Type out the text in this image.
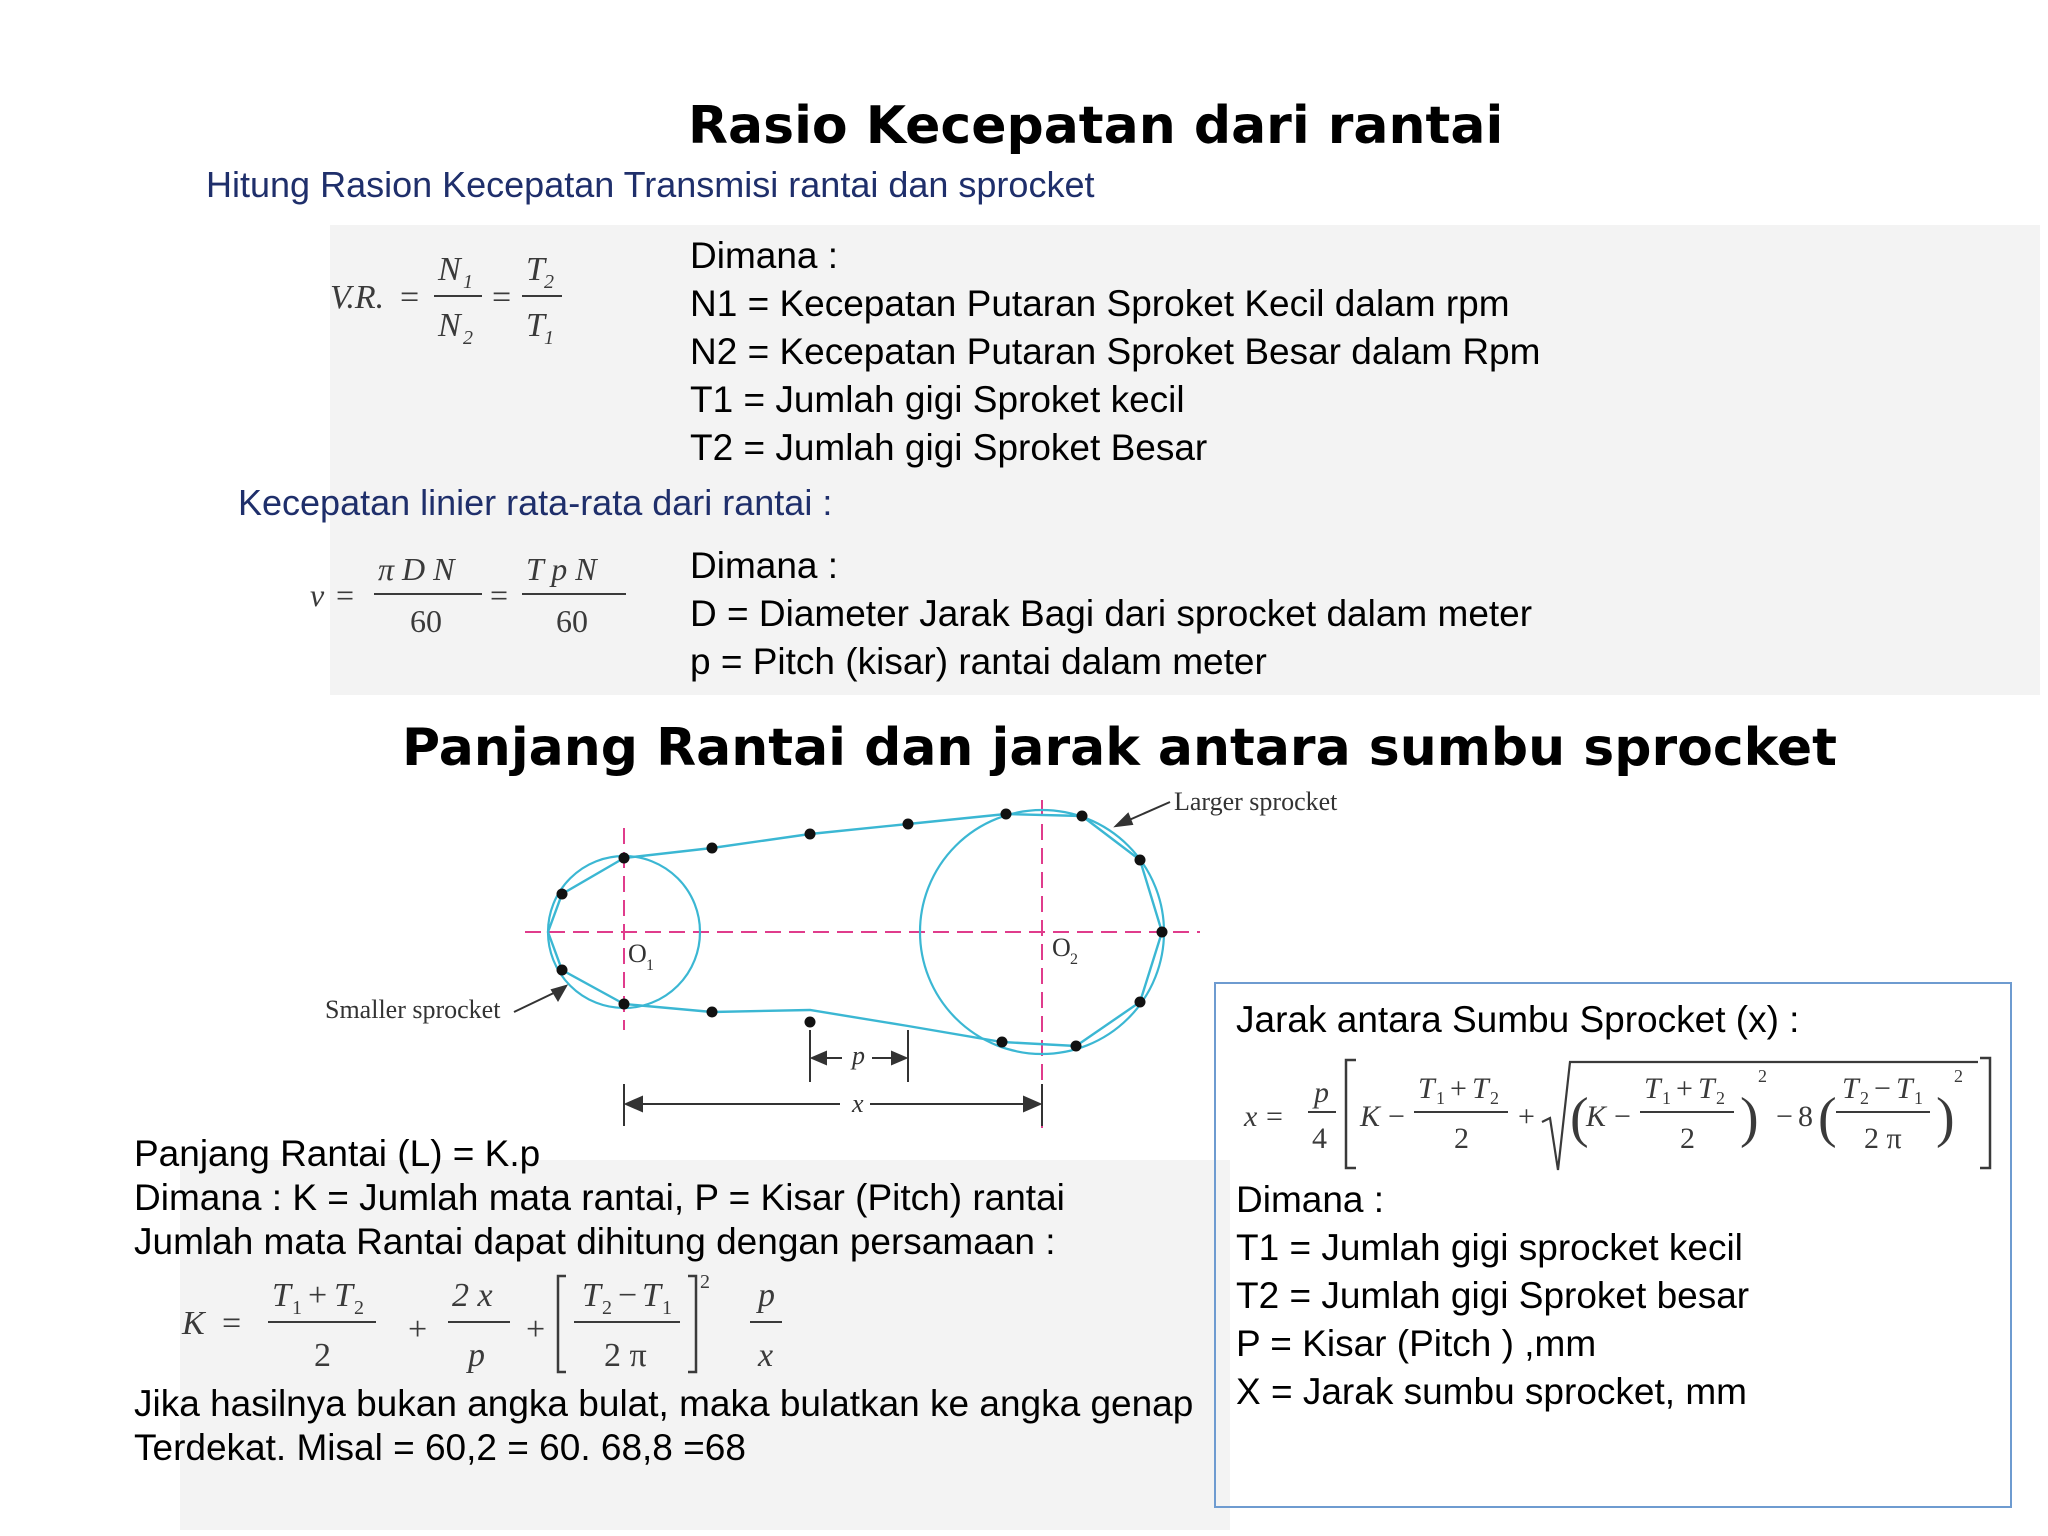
Rasio Kecepatan dari rantai
Hitung Rasion Kecepatan Transmisi rantai dan sprocket
V.R. =
N 1
N 2
=
T 2
T 1
Dimana :
N1 = Kecepatan Putaran Sproket Kecil dalam rpm
N2 = Kecepatan Putaran Sproket Besar dalam Rpm
T1 = Jumlah gigi Sproket kecil
T2 = Jumlah gigi Sproket Besar
Kecepatan linier rata-rata dari rantai :
v =
π D N
60
=
T p N
60
Dimana :
D = Diameter Jarak Bagi dari sprocket dalam meter
p = Pitch (kisar) rantai dalam meter
Panjang Rantai dan jarak antara sumbu sprocket
Larger sprocket
Smaller sprocket
O 1
O 2
p
x
Panjang Rantai (L) = K.p
Dimana : K = Jumlah mata rantai, P = Kisar (Pitch) rantai
Jumlah mata Rantai dapat dihitung dengan persamaan :
K =
T 1 + T 2
2
+
2 x
p
+
T 2 − T 1
2 π
2 p
x
Jika hasilnya bukan angka bulat, maka bulatkan ke angka genap
Terdekat. Misal = 60,2 = 60. 68,8 =68
Jarak antara Sumbu Sprocket (x) :
x =
p
4
K −
T 1 + T 2
2
+ (
K −
T 1 + T 2
2 )
2
− 8 ( T 2 − T 1
2 π )
2
Dimana :
T1 = Jumlah gigi sprocket kecil
T2 = Jumlah gigi Sproket besar
P = Kisar (Pitch ) ,mm
X = Jarak sumbu sprocket, mm
